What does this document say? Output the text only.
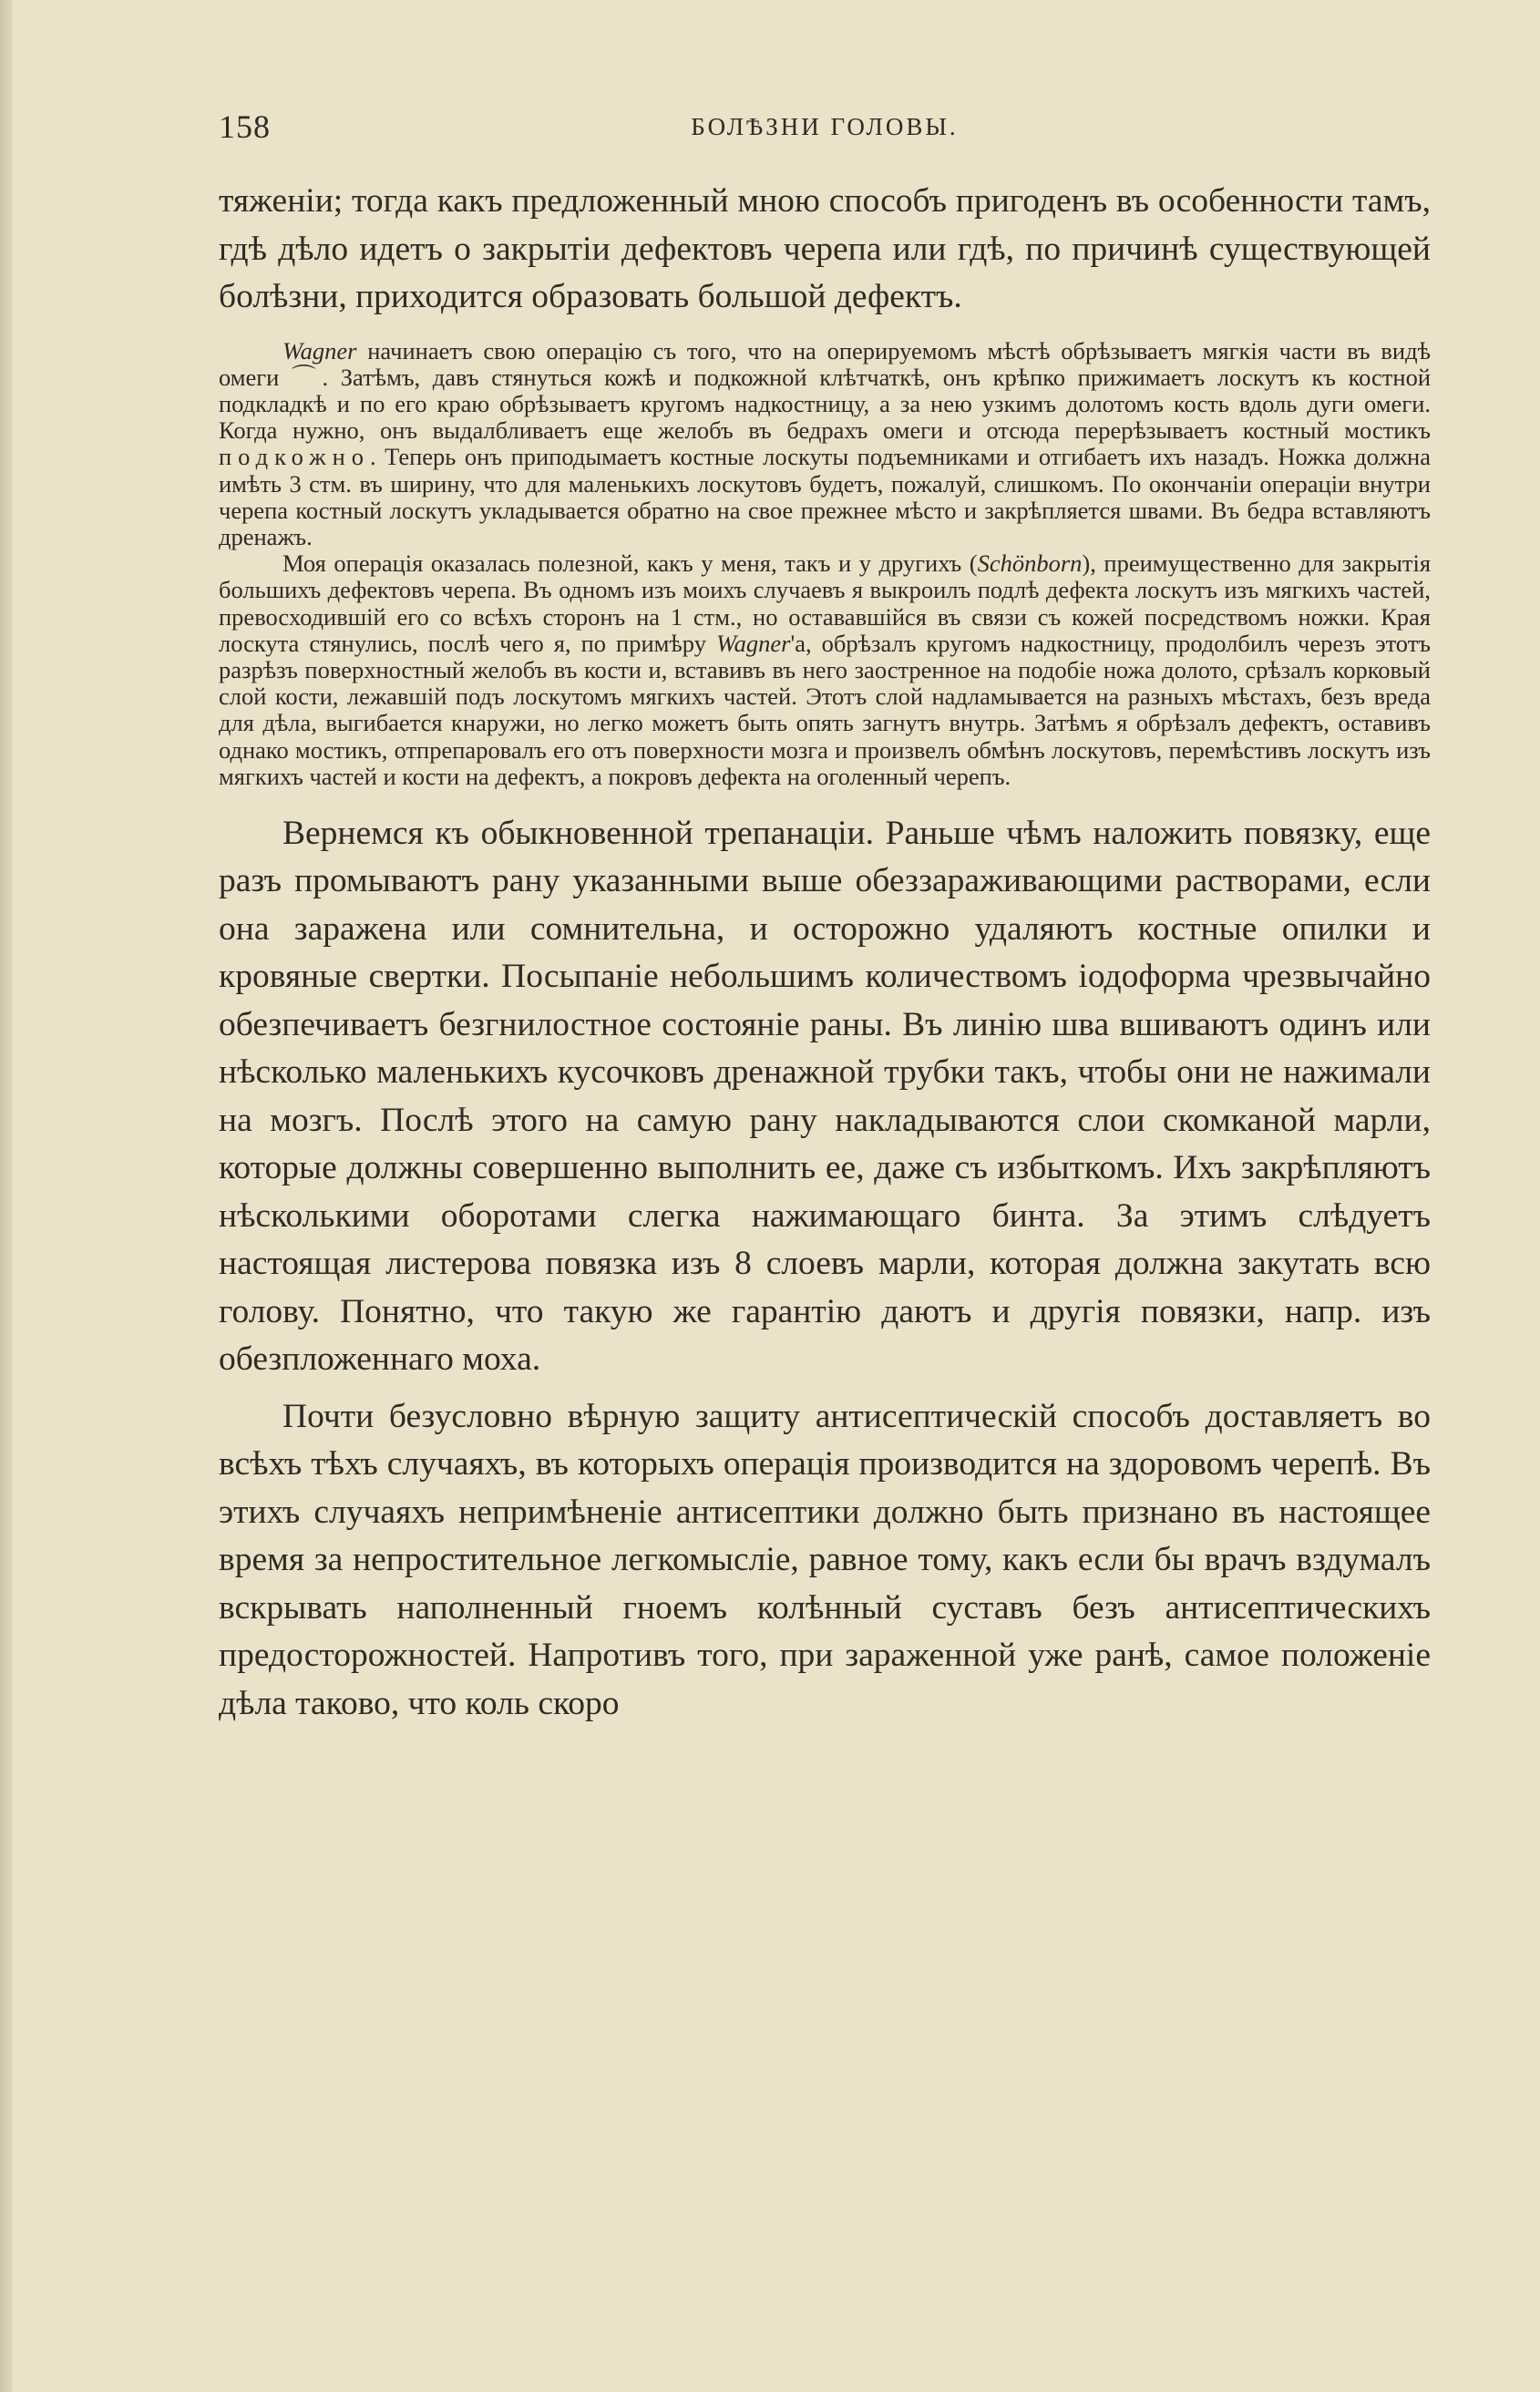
158	БОЛѢЗНИ ГОЛОВЫ.

тяженіи; тогда какъ предложенный мною способъ пригоденъ въ особенности тамъ, гдѣ дѣло идетъ о закрытіи дефектовъ черепа или гдѣ, по причинѣ существующей болѣзни, приходится образовать большой дефектъ.

Wagner начинаетъ свою операцію съ того, что на оперируемомъ мѣстѣ обрѣзываетъ мягкія части въ видѣ омеги ⌒. Затѣмъ, давъ стянуться кожѣ и подкожной клѣтчаткѣ, онъ крѣпко прижимаетъ лоскутъ къ костной подкладкѣ и по его краю обрѣзываетъ кругомъ надкостницу, а за нею узкимъ долотомъ кость вдоль дуги омеги. Когда нужно, онъ выдалбливаетъ еще желобъ въ бедрахъ омеги и отсюда перерѣзываетъ костный мостикъ подкожно. Теперь онъ приподымаетъ костные лоскуты подъемниками и отгибаетъ ихъ назадъ. Ножка должна имѣть 3 стм. въ ширину, что для маленькихъ лоскутовъ будетъ, пожалуй, слишкомъ. По окончаніи операціи внутри черепа костный лоскутъ укладывается обратно на свое прежнее мѣсто и закрѣпляется швами. Въ бедра вставляютъ дренажъ.

Моя операція оказалась полезной, какъ у меня, такъ и у другихъ (Schönborn), преимущественно для закрытія большихъ дефектовъ черепа. Въ одномъ изъ моихъ случаевъ я выкроилъ подлѣ дефекта лоскутъ изъ мягкихъ частей, превосходившій его со всѣхъ сторонъ на 1 стм., но остававшійся въ связи съ кожей посредствомъ ножки. Края лоскута стянулись, послѣ чего я, по примѣру Wagner'а, обрѣзалъ кругомъ надкостницу, продолбилъ черезъ этотъ разрѣзъ поверхностный желобъ въ кости и, вставивъ въ него заостренное на подобіе ножа долото, срѣзалъ корковый слой кости, лежавшій подъ лоскутомъ мягкихъ частей. Этотъ слой надламывается на разныхъ мѣстахъ, безъ вреда для дѣла, выгибается кнаружи, но легко можетъ быть опять загнутъ внутрь. Затѣмъ я обрѣзалъ дефектъ, оставивъ однако мостикъ, отпрепаровалъ его отъ поверхности мозга и произвелъ обмѣнъ лоскутовъ, перемѣстивъ лоскутъ изъ мягкихъ частей и кости на дефектъ, а покровъ дефекта на оголенный черепъ.

Вернемся къ обыкновенной трепанаціи. Раньше чѣмъ наложить повязку, еще разъ промываютъ рану указанными выше обеззараживающими растворами, если она заражена или сомнительна, и осторожно удаляютъ костные опилки и кровяные свертки. Посыпаніе небольшимъ количествомъ іодоформа чрезвычайно обезпечиваетъ безгнилостное состояніе раны. Въ линію шва вшиваютъ одинъ или нѣсколько маленькихъ кусочковъ дренажной трубки такъ, чтобы они не нажимали на мозгъ. Послѣ этого на самую рану накладываются слои скомканой марли, которые должны совершенно выполнить ее, даже съ избыткомъ. Ихъ закрѣпляютъ нѣсколькими оборотами слегка нажимающаго бинта. За этимъ слѣдуетъ настоящая листерова повязка изъ 8 слоевъ марли, которая должна закутать всю голову. Понятно, что такую же гарантію даютъ и другія повязки, напр. изъ обезпложеннаго моха.

Почти безусловно вѣрную защиту антисептическій способъ доставляетъ во всѣхъ тѣхъ случаяхъ, въ которыхъ операція производится на здоровомъ черепѣ. Въ этихъ случаяхъ непримѣненіе антисептики должно быть признано въ настоящее время за непростительное легкомысліе, равное тому, какъ если бы врачъ вздумалъ вскрывать наполненный гноемъ колѣнный суставъ безъ антисептическихъ предосторожностей. Напротивъ того, при зараженной уже ранѣ, самое положеніе дѣла таково, что коль скоро
